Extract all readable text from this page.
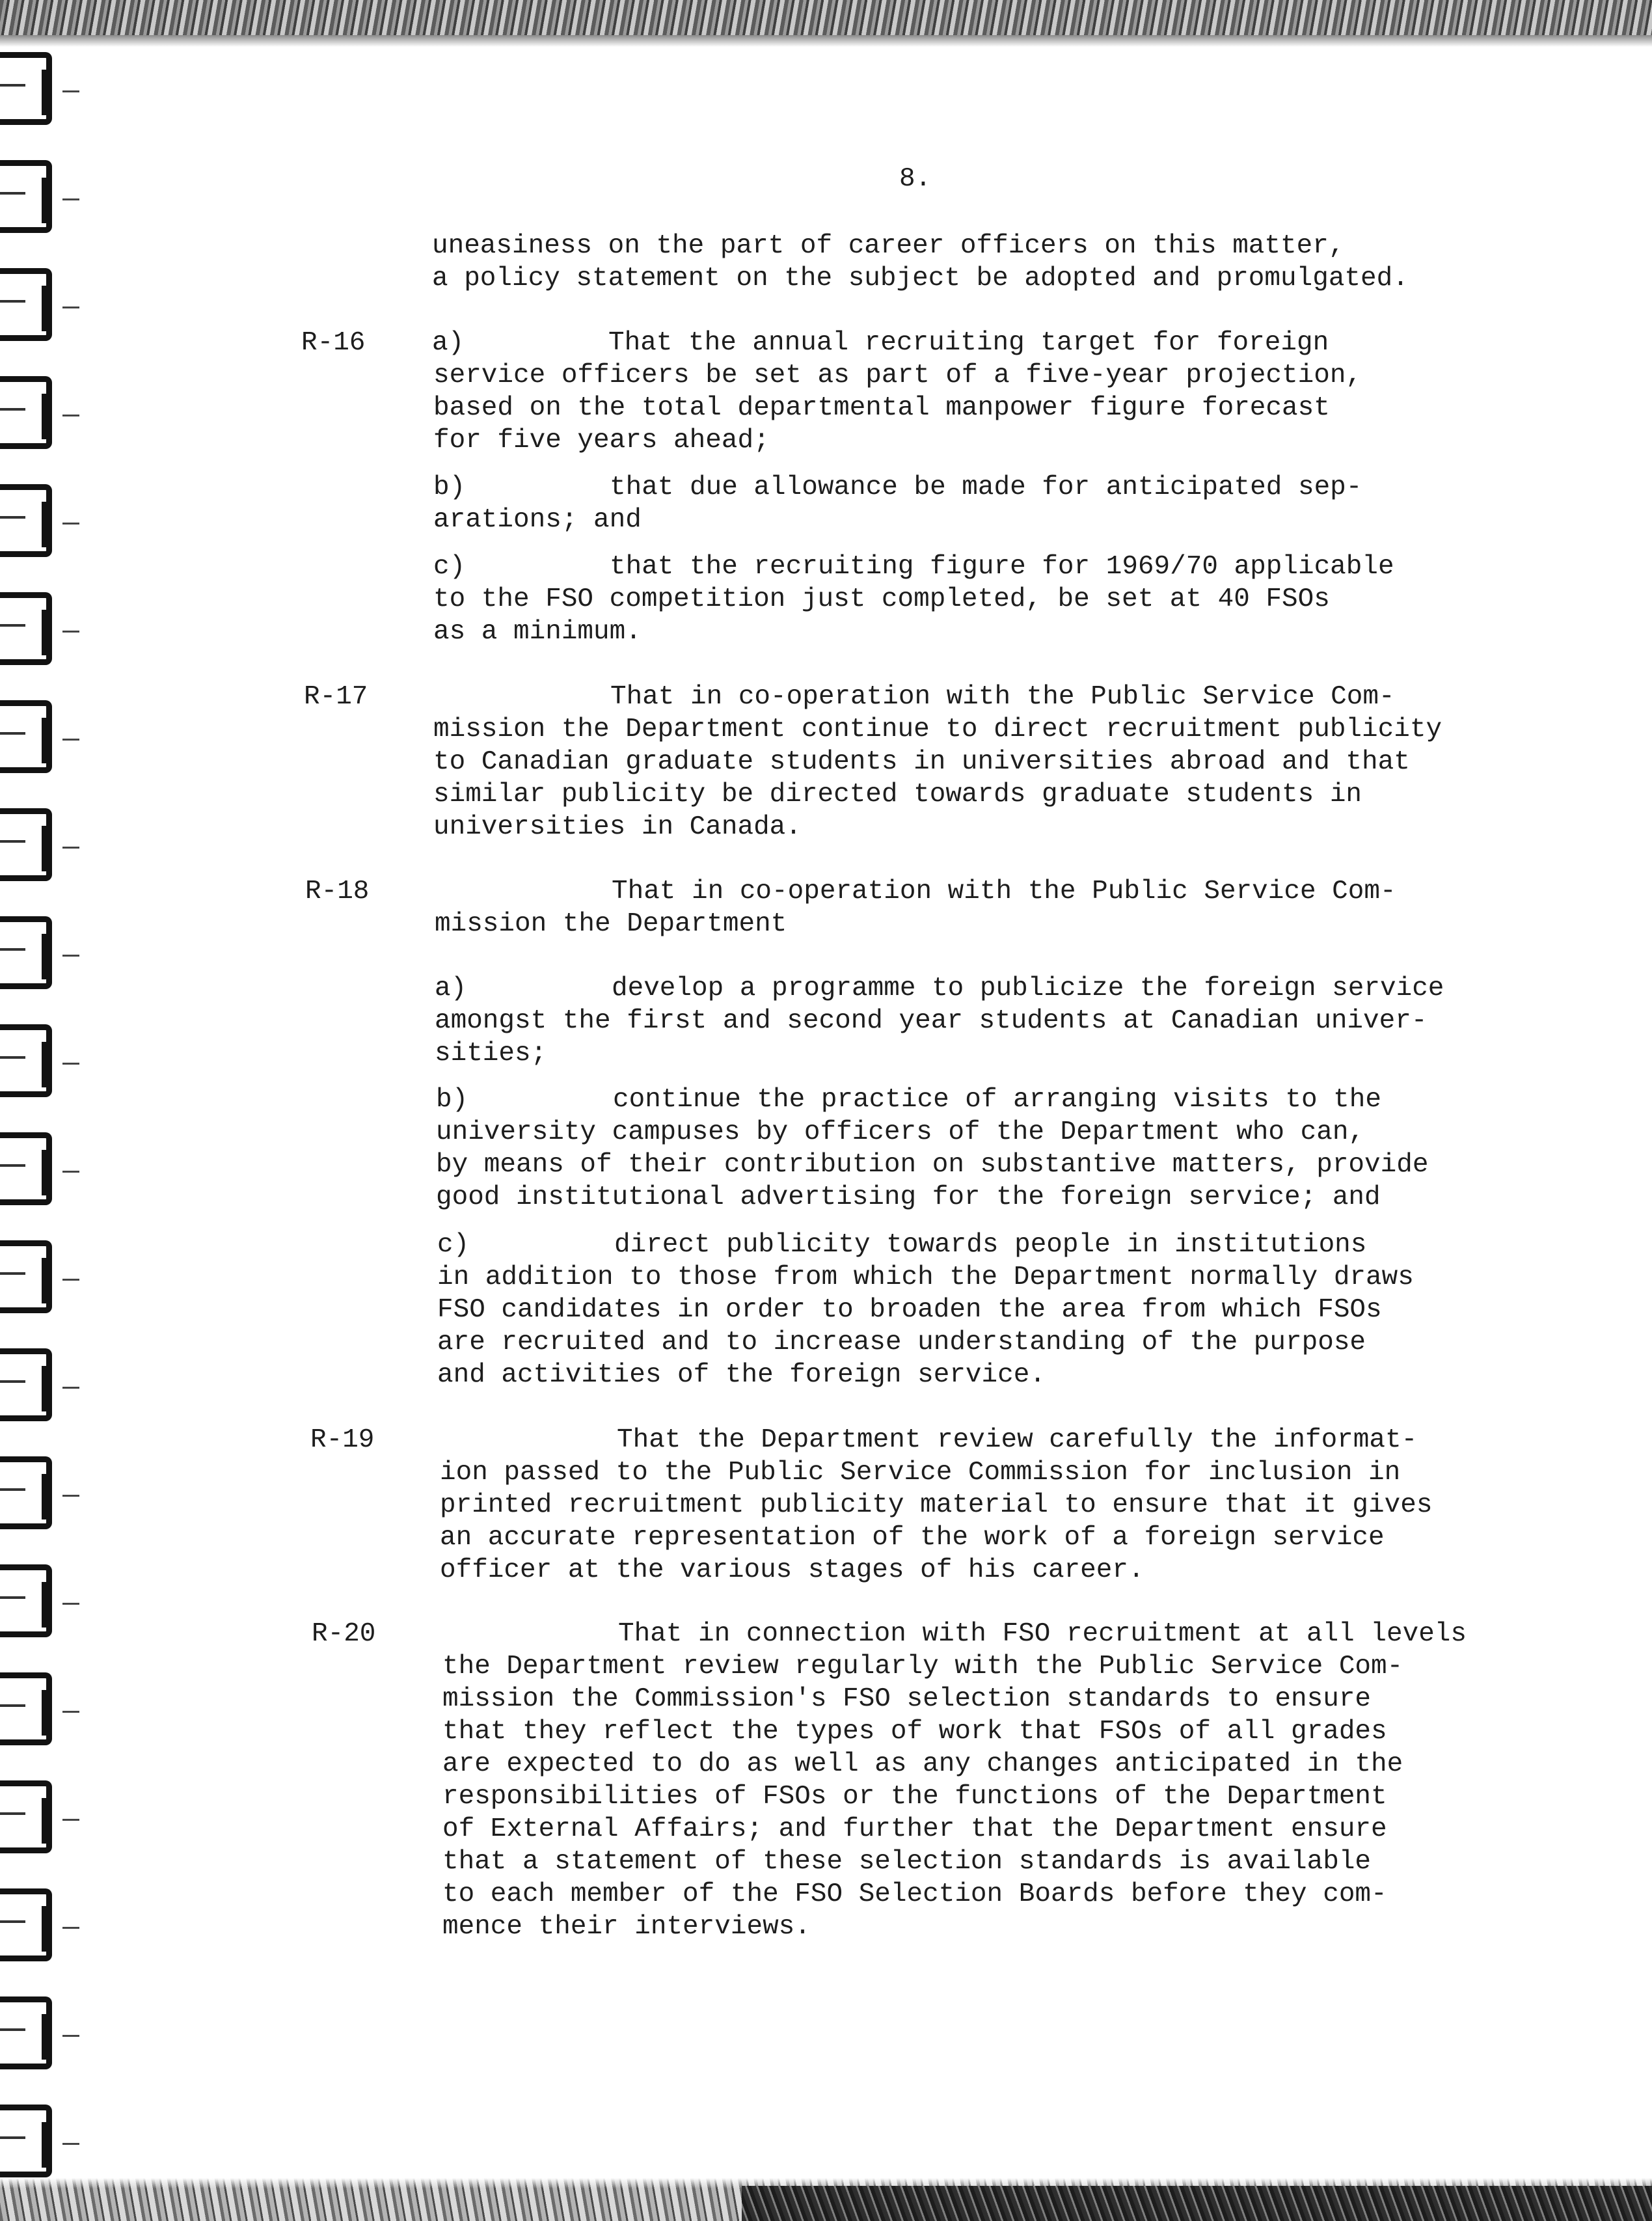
8.
uneasiness on the part of career officers on this matter,
a policy statement on the subject be adopted and promulgated.
R-16	a)	That the annual recruiting target for foreign
service officers be set as part of a five-year projection,
based on the total departmental manpower figure forecast
for five years ahead;
b)	that due allowance be made for anticipated sep-
arations; and
c)	that the recruiting figure for 1969/70 applicable
to the FSO competition just completed, be set at 40 FSOs
as a minimum.
R-17	That in co-operation with the Public Service Com-
mission the Department continue to direct recruitment publicity
to Canadian graduate students in universities abroad and that
similar publicity be directed towards graduate students in
universities in Canada.
R-18	That in co-operation with the Public Service Com-
mission the Department
a)	develop a programme to publicize the foreign service
amongst the first and second year students at Canadian univer-
sities;
b)	continue the practice of arranging visits to the
university campuses by officers of the Department who can,
by means of their contribution on substantive matters, provide
good institutional advertising for the foreign service; and
c)	direct publicity towards people in institutions
in addition to those from which the Department normally draws
FSO candidates in order to broaden the area from which FSOs
are recruited and to increase understanding of the purpose
and activities of the foreign service.
R-19	That the Department review carefully the informat-
ion passed to the Public Service Commission for inclusion in
printed recruitment publicity material to ensure that it gives
an accurate representation of the work of a foreign service
officer at the various stages of his career.
R-20	That in connection with FSO recruitment at all levels
the Department review regularly with the Public Service Com-
mission the Commission's FSO selection standards to ensure
that they reflect the types of work that FSOs of all grades
are expected to do as well as any changes anticipated in the
responsibilities of FSOs or the functions of the Department
of External Affairs; and further that the Department ensure
that a statement of these selection standards is available
to each member of the FSO Selection Boards before they com-
mence their interviews.
